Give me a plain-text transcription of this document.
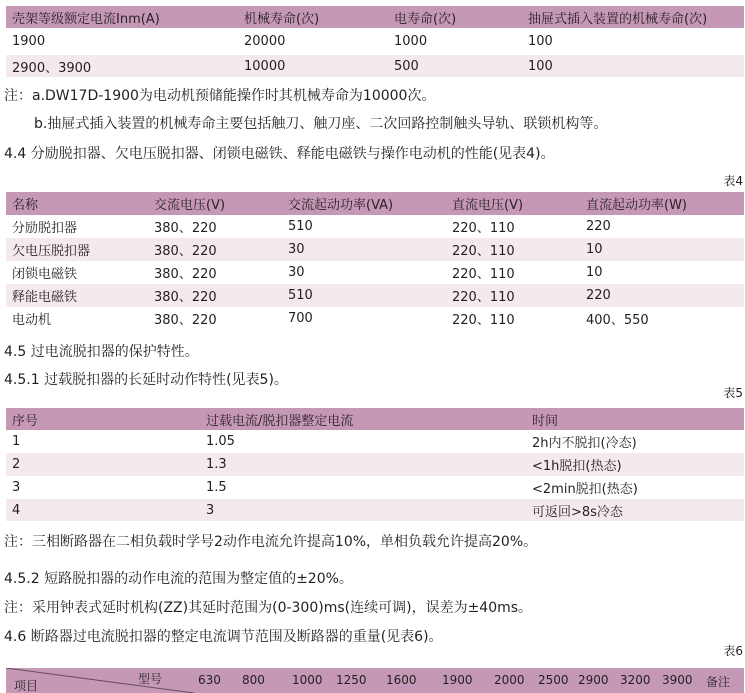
壳架等级额定电流Inm(A)	机械寿命(次)	电寿命(次)	抽屉式插入装置的机械寿命(次)
1900	20000	1000	100
2900、3900	10000	500	100
注：a.DW17D-1900为电动机预储能操作时其机械寿命为10000次。
b.抽屉式插入装置的机械寿命主要包括触刀、触刀座、二次回路控制触头导轨、联锁机构等。
4.4 分励脱扣器、欠电压脱扣器、闭锁电磁铁、释能电磁铁与操作电动机的性能(见表4)。
表4
名称	交流电压(V)	交流起动功率(VA)	直流电压(V)	直流起动功率(W)
分励脱扣器	380、220	510	220、110	220
欠电压脱扣器	380、220	30	220、110	10
闭锁电磁铁	380、220	30	220、110	10
释能电磁铁	380、220	510	220、110	220
电动机	380、220	700	220、110	400、550
4.5 过电流脱扣器的保护特性。
4.5.1 过载脱扣器的长延时动作特性(见表5)。
表5
序号	过载电流/脱扣器整定电流	时间
1	1.05	2h内不脱扣(冷态)
2	1.3	<1h脱扣(热态)
3	1.5	<2min脱扣(热态)
4	3	可返回>8s冷态
注：三相断路器在二相负载时学号2动作电流允许提高10%，单相负载允许提高20%。
4.5.2 短路脱扣器的动作电流的范围为整定值的±20%。
注：采用钟表式延时机构(ZZ)其延时范围为(0-300)ms(连续可调)，误差为±40ms。
4.6 断路器过电流脱扣器的整定电流调节范围及断路器的重量(见表6)。
表6
型号
项目	630 800 1000 1250 1600 1900 2000 2500 2900 3200 3900 备注
